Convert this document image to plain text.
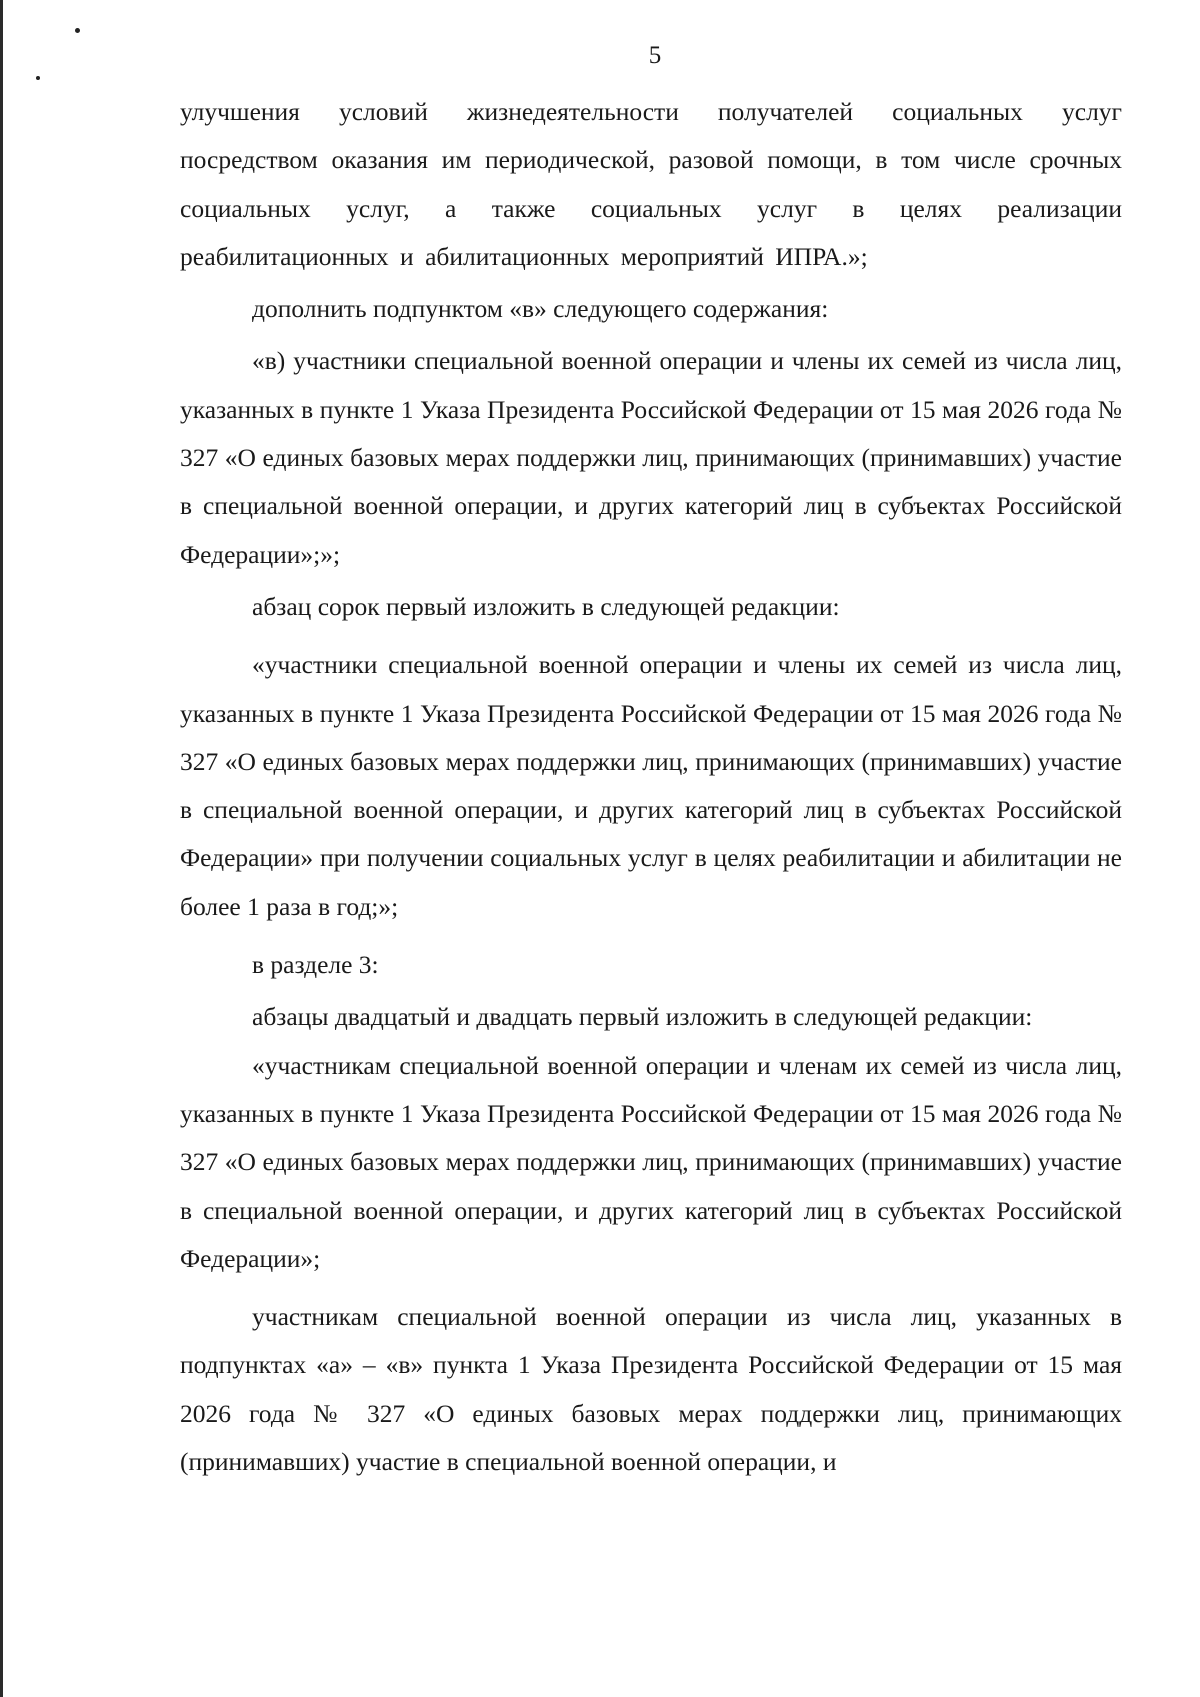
5

улучшения условий жизнедеятельности получателей социальных услуг посредством оказания им периодической, разовой помощи, в том числе срочных социальных услуг, а также социальных услуг в целях реализации реабилитационных и абилитационных мероприятий ИПРА.»;

дополнить подпунктом «в» следующего содержания:

«в) участники специальной военной операции и члены их семей из числа лиц, указанных в пункте 1 Указа Президента Российской Федерации от 15 мая 2026 года № 327 «О единых базовых мерах поддержки лиц, принимающих (принимавших) участие в специальной военной операции, и других категорий лиц в субъектах Российской Федерации»;»;

абзац сорок первый изложить в следующей редакции:

«участники специальной военной операции и члены их семей из числа лиц, указанных в пункте 1 Указа Президента Российской Федерации от 15 мая 2026 года № 327 «О единых базовых мерах поддержки лиц, принимающих (принимавших) участие в специальной военной операции, и других категорий лиц в субъектах Российской Федерации» при получении социальных услуг в целях реабилитации и абилитации не более 1 раза в год;»;

в разделе 3:

абзацы двадцатый и двадцать первый изложить в следующей редакции:

«участникам специальной военной операции и членам их семей из числа лиц, указанных в пункте 1 Указа Президента Российской Федерации от 15 мая 2026 года № 327 «О единых базовых мерах поддержки лиц, принимающих (принимавших) участие в специальной военной операции, и других категорий лиц в субъектах Российской Федерации»;

участникам специальной военной операции из числа лиц, указанных в подпунктах «а» – «в» пункта 1 Указа Президента Российской Федерации от 15 мая 2026 года № 327 «О единых базовых мерах поддержки лиц, принимающих (принимавших) участие в специальной военной операции, и
